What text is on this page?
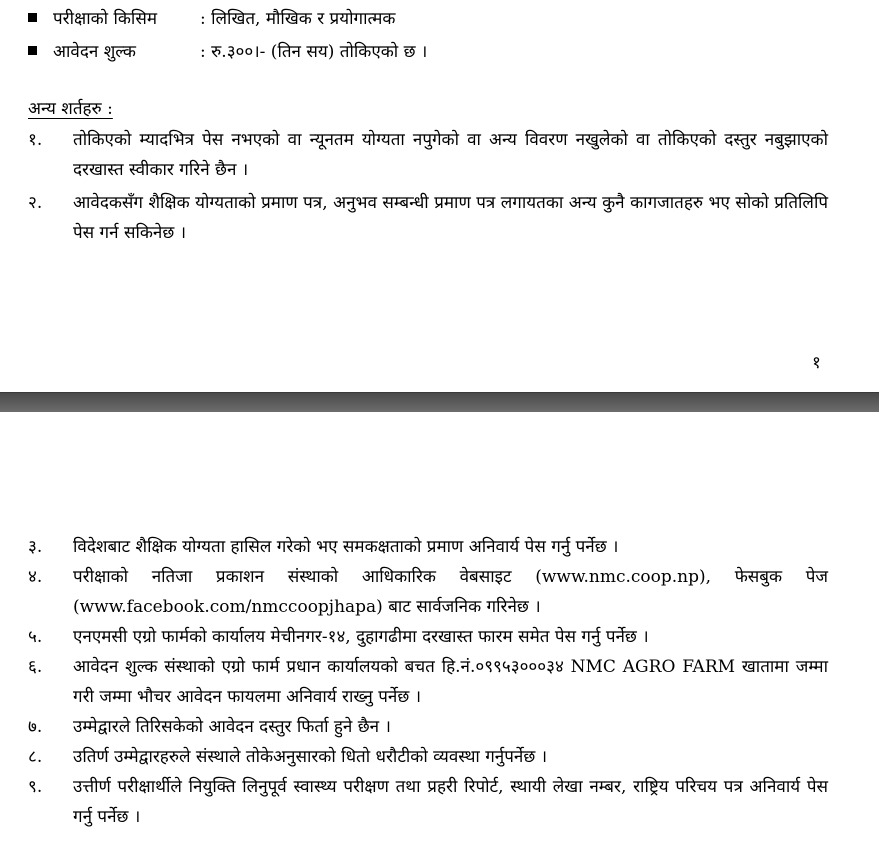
परीक्षाको किसिम	: लिखित, मौखिक र प्रयोगात्मक
आवेदन शुल्क	: रु.३००।- (तिन सय) तोकिएको छ ।
अन्य शर्तहरु :
१. तोकिएको म्यादभित्र पेस नभएको वा न्यूनतम योग्यता नपुगेको वा अन्य विवरण नखुलेको वा तोकिएको दस्तुर नबुझाएको दरखास्त स्वीकार गरिने छैन ।
२. आवेदकसँग शैक्षिक योग्यताको प्रमाण पत्र, अनुभव सम्बन्धी प्रमाण पत्र लगायतका अन्य कुनै कागजातहरु भए सोको प्रतिलिपि पेस गर्न सकिनेछ ।
१
३. विदेशबाट शैक्षिक योग्यता हासिल गरेको भए समकक्षताको प्रमाण अनिवार्य पेस गर्नु पर्नेछ ।
४. परीक्षाको नतिजा प्रकाशन संस्थाको आधिकारिक वेबसाइट (www.nmc.coop.np), फेसबुक पेज (www.facebook.com/nmccoopjhapa) बाट सार्वजनिक गरिनेछ ।
५. एनएमसी एग्रो फार्मको कार्यालय मेचीनगर-१४, दुहागढीमा दरखास्त फारम समेत पेस गर्नु पर्नेछ ।
६. आवेदन शुल्क संस्थाको एग्रो फार्म प्रधान कार्यालयको बचत हि.नं.०९९५३०००३४ NMC AGRO FARM खातामा जम्मा गरी जम्मा भौचर आवेदन फायलमा अनिवार्य राख्नु पर्नेछ ।
७. उम्मेद्वारले तिरिसकेको आवेदन दस्तुर फिर्ता हुने छैन ।
८. उतिर्ण उम्मेद्वारहरुले संस्थाले तोकेअनुसारको धितो धरौटीको व्यवस्था गर्नुपर्नेछ ।
९. उत्तीर्ण परीक्षार्थीले नियुक्ति लिनुपूर्व स्वास्थ्य परीक्षण तथा प्रहरी रिपोर्ट, स्थायी लेखा नम्बर, राष्ट्रिय परिचय पत्र अनिवार्य पेस गर्नु पर्नेछ ।
